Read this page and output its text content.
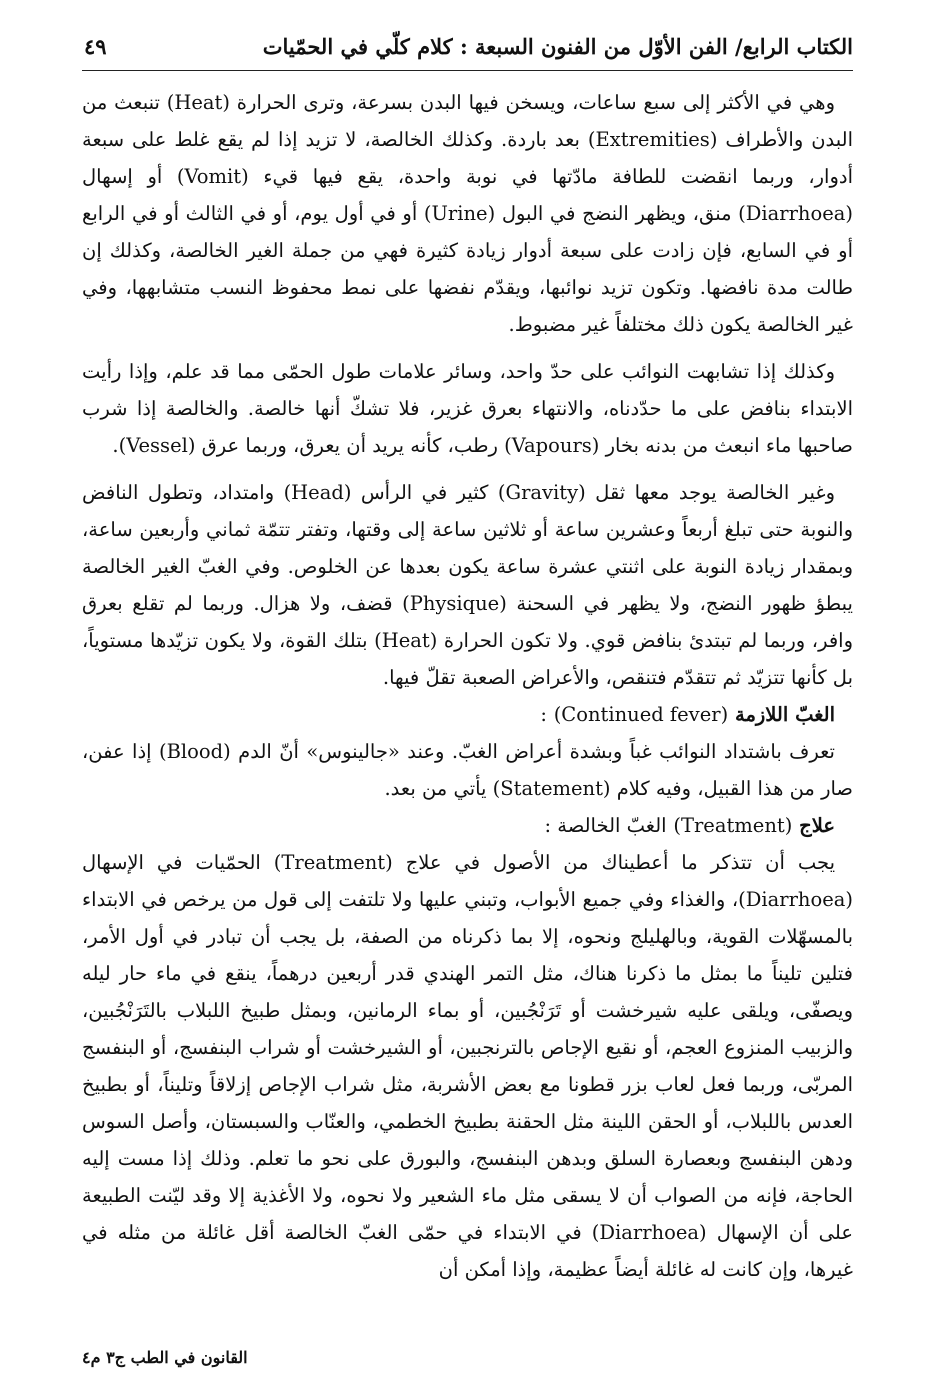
الكتاب الرابع/ الفن الأوّل من الفنون السبعة : كلام كلّي في الحمّيات
٤٩

وهي في الأكثر إلى سبع ساعات، ويسخن فيها البدن بسرعة، وترى الحرارة (Heat) تنبعث من البدن والأطراف (Extremities) بعد باردة. وكذلك الخالصة، لا تزيد إذا لم يقع غلط على سبعة أدوار، وربما انقضت للطافة مادّتها في نوبة واحدة، يقع فيها قيء (Vomit) أو إسهال (Diarrhoea) منق، ويظهر النضج في البول (Urine) أو في أول يوم، أو في الثالث أو في الرابع أو في السابع، فإن زادت على سبعة أدوار زيادة كثيرة فهي من جملة الغير الخالصة، وكذلك إن طالت مدة نافضها. وتكون تزيد نوائبها، ويقدّم نفضها على نمط محفوظ النسب متشابهها، وفي غير الخالصة يكون ذلك مختلفاً غير مضبوط.

وكذلك إذا تشابهت النوائب على حدّ واحد، وسائر علامات طول الحمّى مما قد علم، وإذا رأيت الابتداء بنافض على ما حدّدناه، والانتهاء بعرق غزير، فلا تشكّ أنها خالصة. والخالصة إذا شرب صاحبها ماء انبعث من بدنه بخار (Vapours) رطب، كأنه يريد أن يعرق، وربما عرق (Vessel).

وغير الخالصة يوجد معها ثقل (Gravity) كثير في الرأس (Head) وامتداد، وتطول النافض والنوبة حتى تبلغ أربعاً وعشرين ساعة أو ثلاثين ساعة إلى وقتها، وتفتر تتمّة ثماني وأربعين ساعة، وبمقدار زيادة النوبة على اثنتي عشرة ساعة يكون بعدها عن الخلوص. وفي الغبّ الغير الخالصة يبطؤ ظهور النضج، ولا يظهر في السحنة (Physique) قضف، ولا هزال. وربما لم تقلع بعرق وافر، وربما لم تبتدئ بنافض قوي. ولا تكون الحرارة (Heat) بتلك القوة، ولا يكون تزيّدها مستوياً، بل كأنها تتزيّد ثم تتقدّم فتنقص، والأعراض الصعبة تقلّ فيها.

الغبّ اللازمة (Continued fever) :

تعرف باشتداد النوائب غباً وبشدة أعراض الغبّ. وعند «جالينوس» أنّ الدم (Blood) إذا عفن، صار من هذا القبيل، وفيه كلام (Statement) يأتي من بعد.

علاج (Treatment) الغبّ الخالصة :

يجب أن تتذكر ما أعطيناك من الأصول في علاج (Treatment) الحمّيات في الإسهال (Diarrhoea)، والغذاء وفي جميع الأبواب، وتبني عليها ولا تلتفت إلى قول من يرخص في الابتداء بالمسهّلات القوية، وبالهليلج ونحوه، إلا بما ذكرناه من الصفة، بل يجب أن تبادر في أول الأمر، فتلين تليناً ما بمثل ما ذكرنا هناك، مثل التمر الهندي قدر أربعين درهماً، ينقع في ماء حار ليله ويصفّى، ويلقى عليه شيرخشت أو تَرَنْجُبين، أو بماء الرمانين، وبمثل طبيخ اللبلاب بالتَرَنْجُبين، والزبيب المنزوع العجم، أو نقيع الإجاص بالترنجبين، أو الشيرخشت أو شراب البنفسج، أو البنفسج المربّى، وربما فعل لعاب بزر قطونا مع بعض الأشربة، مثل شراب الإجاص إزلاقاً وتليناً، أو بطبيخ العدس باللبلاب، أو الحقن اللينة مثل الحقنة بطبيخ الخطمي، والعنّاب والسبستان، وأصل السوس ودهن البنفسج وبعصارة السلق وبدهن البنفسج، والبورق على نحو ما تعلم. وذلك إذا مست إليه الحاجة، فإنه من الصواب أن لا يسقى مثل ماء الشعير ولا نحوه، ولا الأغذية إلا وقد ليّنت الطبيعة على أن الإسهال (Diarrhoea) في الابتداء في حمّى الغبّ الخالصة أقل غائلة من مثله في غيرها، وإن كانت له غائلة أيضاً عظيمة، وإذا أمكن أن

القانون في الطب ج٣ م٤
